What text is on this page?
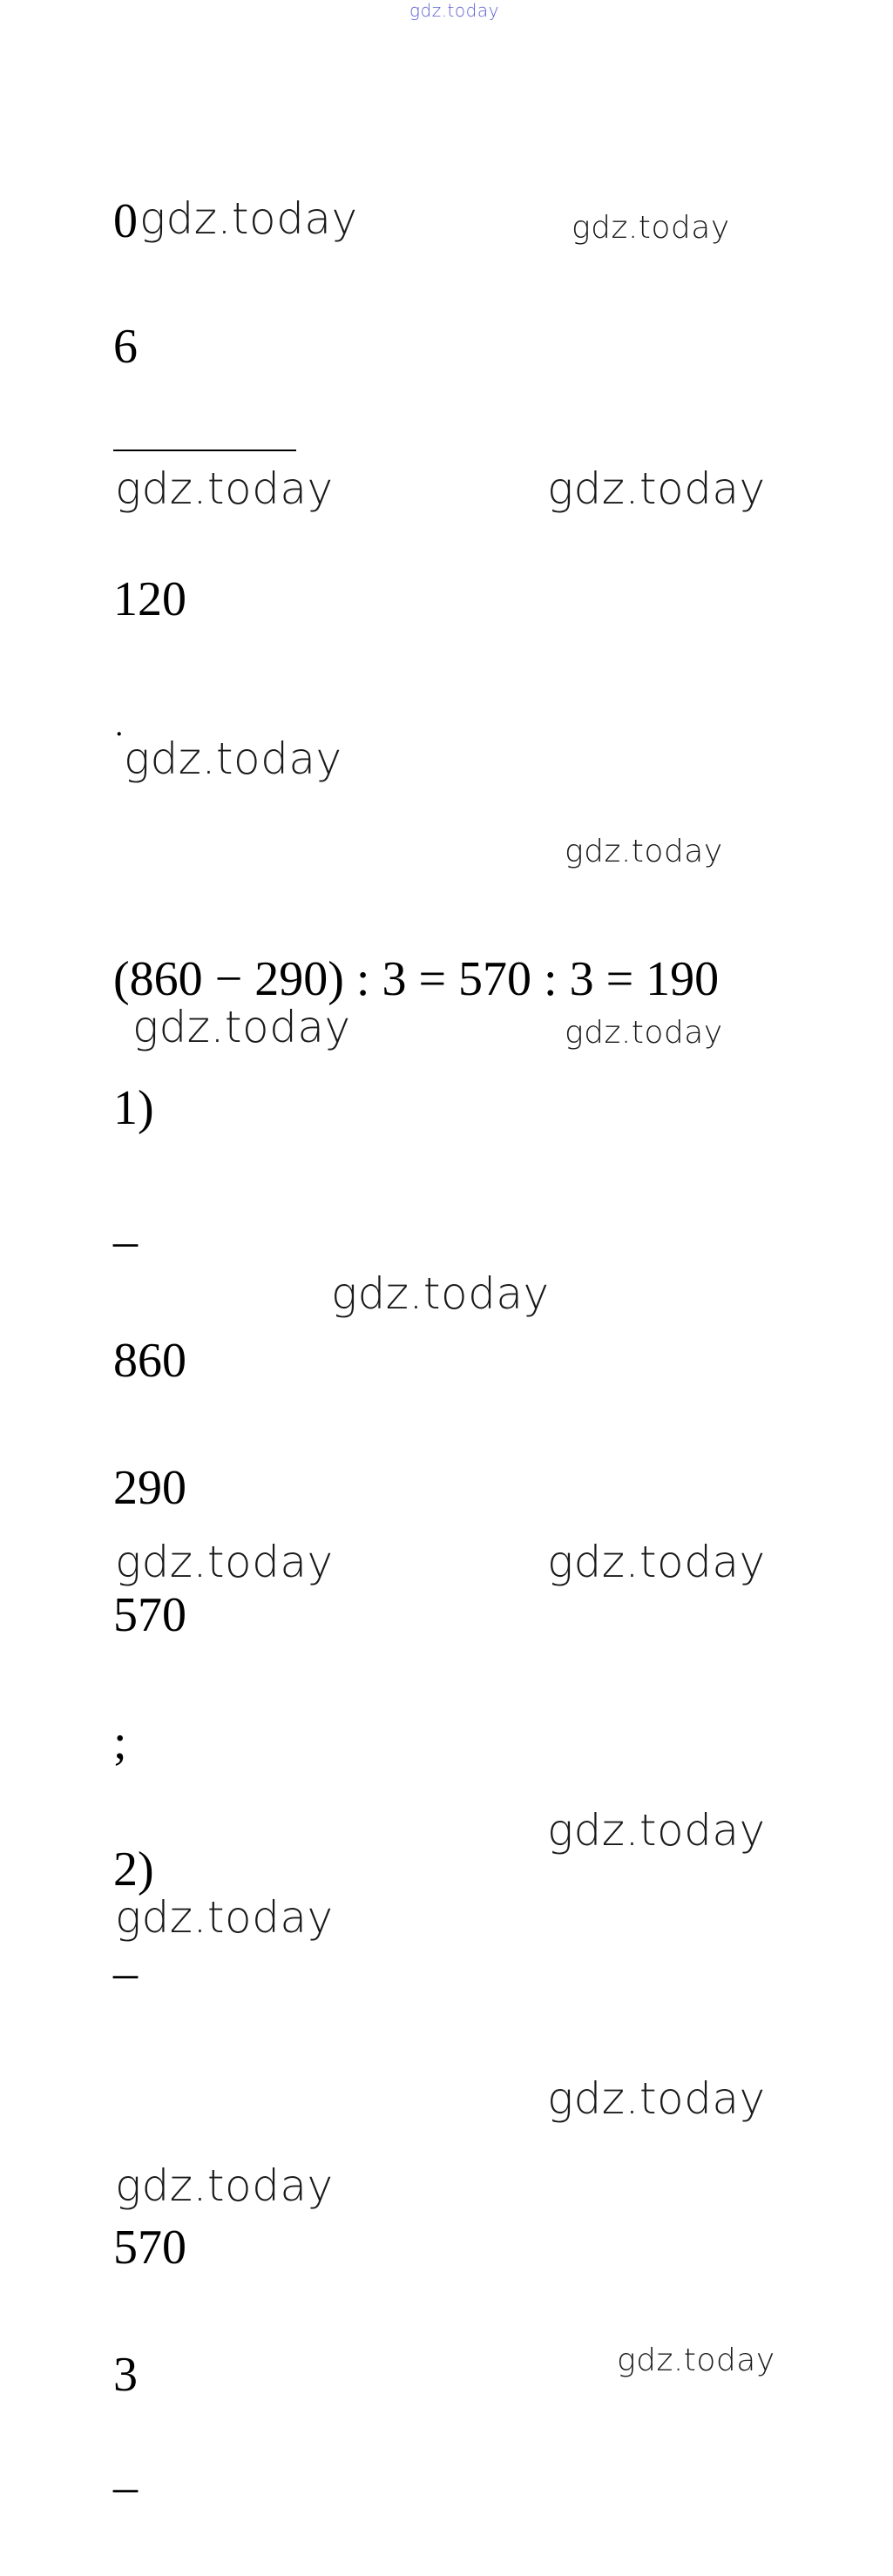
gdz.today
0 gdz.today	gdz.today
6
gdz.today	gdz.today
120
˙
gdz.today
gdz.today
(860 − 290) : 3 = 570 : 3 = 190
gdz.today	gdz.today
1)
_
gdz.today
860
290
gdz.today	gdz.today
570
;
gdz.today
2)
gdz.today
_
gdz.today
gdz.today
570
gdz.today
3
_
